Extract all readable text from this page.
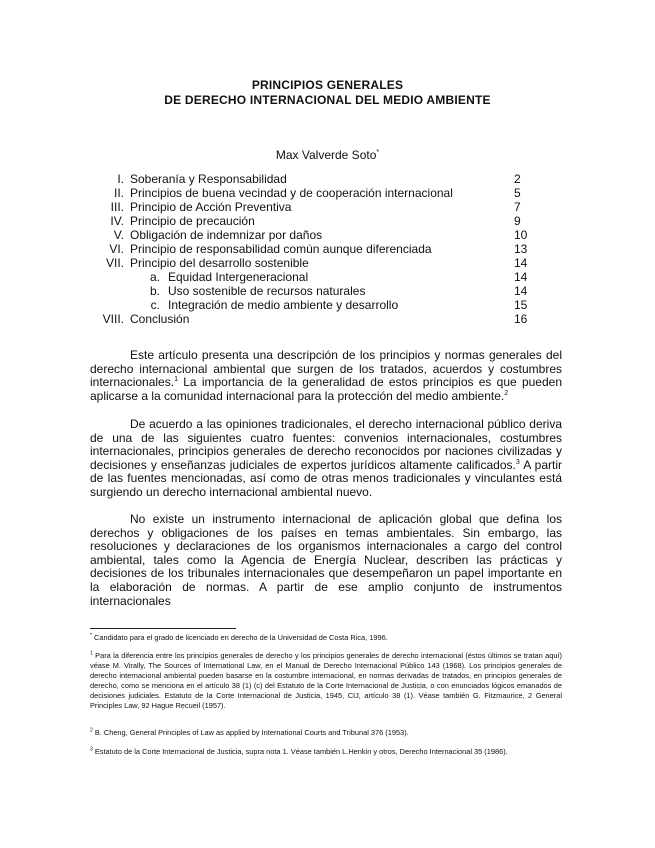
PRINCIPIOS GENERALES
DE DERECHO INTERNACIONAL DEL MEDIO AMBIENTE
Max Valverde Soto*
I. Soberanía y Responsabilidad	2
II. Principios de buena vecindad y de cooperación internacional	5
III. Principio de Acción Preventiva	7
IV. Principio de precaución	9
V. Obligación de indemnizar por daños	10
VI. Principio de responsabilidad común aunque diferenciada	13
VII. Principio del desarrollo sostenible	14
a. Equidad Intergeneracional	14
b. Uso sostenible de recursos naturales	14
c. Integración de medio ambiente y desarrollo	15
VIII. Conclusión	16

Este artículo presenta una descripción de los principios y normas generales del derecho internacional ambiental que surgen de los tratados, acuerdos y costumbres internacionales.$^1$ La importancia de la generalidad de estos principios es que pueden aplicarse a la comunidad internacional para la protección del medio ambiente.$^2$

De acuerdo a las opiniones tradicionales, el derecho internacional público deriva de una de las siguientes cuatro fuentes: convenios internacionales, costumbres internacionales, principios generales de derecho reconocidos por naciones civilizadas y decisiones y enseñanzas judiciales de expertos jurídicos altamente calificados.$^3$ A partir de las fuentes mencionadas, así como de otras menos tradicionales y vinculantes está surgiendo un derecho internacional ambiental nuevo.

No existe un instrumento internacional de aplicación global que defina los derechos y obligaciones de los países en temas ambientales. Sin embargo, las resoluciones y declaraciones de los organismos internacionales a cargo del control ambiental, tales como la Agencia de Energía Nuclear, describen las prácticas y decisiones de los tribunales internacionales que desempeñaron un papel importante en la elaboración de normas. A partir de ese amplio conjunto de instrumentos internacionales

* Candidato para el grado de licenciado en derecho de la Universidad de Costa Rica, 1996.

$^1$ Para la diferencia entre los principios generales de derecho y los principios generales de derecho internacional (éstos últimos se tratan aquí) véase M. Virally, The Sources of International Law, en el Manual de Derecho Internacional Público 143 (1968). Los principios generales de derecho internacional ambiental pueden basarse en la costumbre internacional, en normas derivadas de tratados, en principios generales de derecho, como se menciona en el artículo 38 (1) (c) del Estatuto de la Corte Internacional de Justicia, o con enunciados lógicos emanados de decisiones judiciales. Estatuto de la Corte Internacional de Justicia, 1945, CIJ, artículo 38 (1). Véase también G. Fitzmaurice, 2 General Principles Law, 92 Hague Recueil (1957).

$^2$ B. Cheng, General Principles of Law as applied by International Courts and Tribunal 376 (1953).

$^3$ Estatuto de la Corte Internacional de Justicia, supra nota 1. Véase también L.Henkin y otros, Derecho Internacional 35 (1986).
